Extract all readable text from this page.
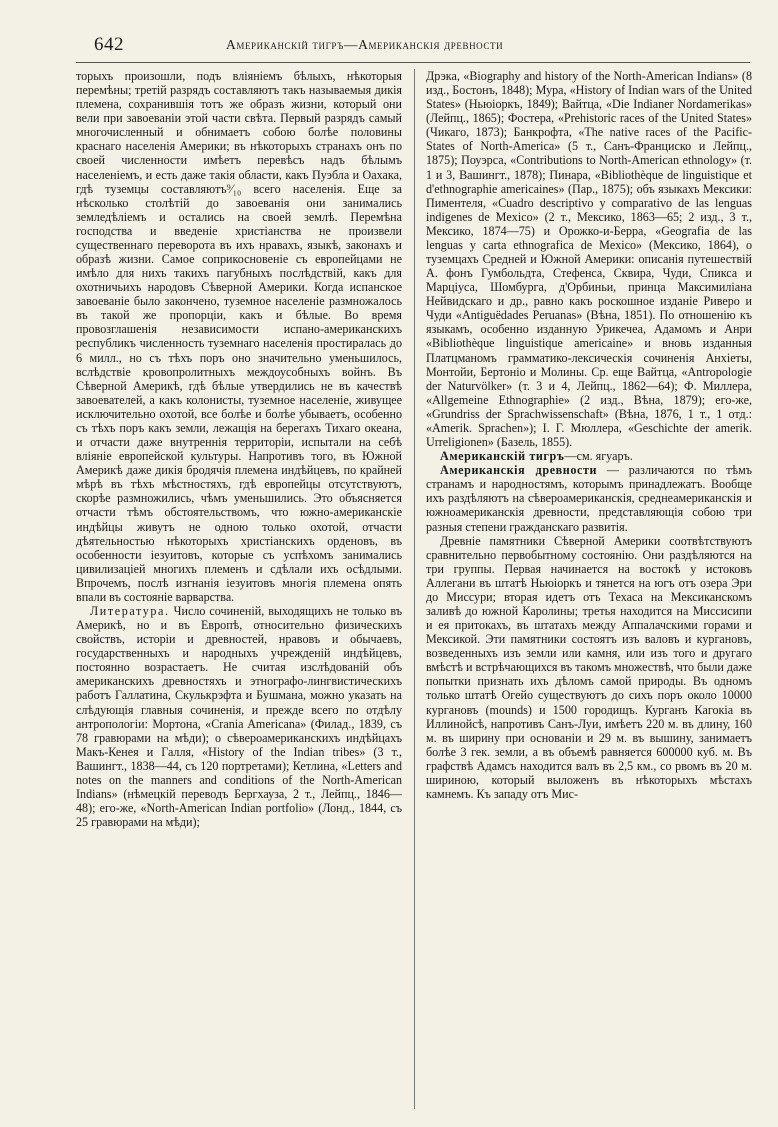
642	Американскій тигръ—Американскія древности

торыхъ произошли, подъ вліяніемъ бѣлыхъ, нѣкоторыя перемѣны; третій разрядъ составляютъ такъ называемыя дикія племена, сохранившія тотъ же образъ жизни, который они вели при завоеваніи этой части свѣта. Первый разрядъ самый многочисленный и обнимаетъ собою болѣе половины краснаго населенія Америки; въ нѣкоторыхъ странахъ онъ по своей численности имѣетъ перевѣсъ надъ бѣлымъ населеніемъ, и есть даже такія области, какъ Пуэбла и Оахака, гдѣ туземцы составляютъ⁹⁄₁₀ всего населенія. Еще за нѣсколько столѣтій до завоеванія они занимались земледѣліемъ и остались на своей землѣ. Перемѣна господства и введеніе христіанства не произвели существеннаго переворота въ ихъ нравахъ, языкѣ, законахъ и образѣ жизни. Самое соприкосновеніе съ европейцами не имѣло для нихъ такихъ пагубныхъ послѣдствій, какъ для охотничьихъ народовъ Сѣверной Америки. Когда испанское завоеваніе было закончено, туземное населеніе размножалось въ такой же пропорціи, какъ и бѣлые. Во время провозглашенія независимости испано-американскихъ республикъ численность туземнаго населенія простиралась до 6 милл., но съ тѣхъ поръ оно значительно уменьшилось, вслѣдствіе кровопролитныхъ междоусобныхъ войнъ. Въ Сѣверной Америкѣ, гдѣ бѣлые утвердились не въ качествѣ завоевателей, а какъ колонисты, туземное населеніе, живущее исключительно охотой, все болѣе и болѣе убываетъ, особенно съ тѣхъ поръ какъ земли, лежащія на берегахъ Тихаго океана, и отчасти даже внутреннія территоріи, испытали на себѣ вліяніе европейской культуры. Напротивъ того, въ Южной Америкѣ даже дикія бродячія племена индѣйцевъ, по крайней мѣрѣ въ тѣхъ мѣстностяхъ, гдѣ европейцы отсутствуютъ, скорѣе размножились, чѣмъ уменьшились. Это объясняется отчасти тѣмъ обстоятельствомъ, что южно-американскіе индѣйцы живутъ не одною только охотой, отчасти дѣятельностью нѣкоторыхъ христіанскихъ орденовъ, въ особенности іезуитовъ, которые съ успѣхомъ занимались цивилизаціей многихъ племенъ и сдѣлали ихъ осѣдлыми. Впрочемъ, послѣ изгнанія іезуитовъ многія племена опять впали въ состояніе варварства.

Литература. Число сочиненій, выходящихъ не только въ Америкѣ, но и въ Европѣ, относительно физическихъ свойствъ, исторіи и древностей, нравовъ и обычаевъ, государственныхъ и народныхъ учрежденій индѣйцевъ, постоянно возрастаетъ. Не считая изслѣдованій объ американскихъ древностяхъ и этнографо-лингвистическихъ работъ Галлатина, Скулькрэфта и Бушмана, можно указать на слѣдующія главныя сочиненія, и прежде всего по отдѣлу антропологіи: Мортона, «Crania Americana» (Филад., 1839, съ 78 гравюрами на мѣди); о сѣвероамериканскихъ индѣйцахъ Макъ-Кенея и Галля, «History of the Indian tribes» (3 т., Вашингт., 1838—44, съ 120 портретами); Кетлина, «Letters and notes on the manners and conditions of the North-American Indians» (нѣмецкій переводъ Бергхауза, 2 т., Лейпц., 1846—48); его-же, «North-American Indian portfolio» (Лонд., 1844, съ 25 гравюрами на мѣди);

Дрэка, «Biography and history of the North-American Indians» (8 изд., Бостонъ, 1848); Мура, «History of Indian wars of the United States» (Ньюіоркъ, 1849); Вайтца, «Die Indianer Nordamerikas» (Лейпц., 1865); Фостера, «Prehistoric races of the United States» (Чикаго, 1873); Банкрофта, «The native races of the Pacific-States of North-America» (5 т., Санъ-Франциско и Лейпц., 1875); Поуэрса, «Contributions to North-American ethnology» (т. 1 и 3, Вашингт., 1878); Пинара, «Bibliothèque de linguistique et d'ethnographie americaines» (Пар., 1875); объ языкахъ Мексики: Пиментеля, «Cuadro descriptivo y comparativo de las lenguas indigenes de Mexico» (2 т., Мексико, 1863—65; 2 изд., 3 т., Мексико, 1874—75) и Орожко-и-Берра, «Geografia de las lenguas y carta ethnografica de Mexico» (Мексико, 1864), о туземцахъ Средней и Южной Америки: описанія путешествій А. фонъ Гумбольдта, Стефенса, Сквира, Чуди, Спикса и Марціуса, Шомбурга, д'Орбиньи, принца Максимиліана Нейвидскаго и др., равно какъ роскошное изданіе Риверо и Чуди «Antiguëdades Peruanas» (Вѣна, 1851). По отношенію къ языкамъ, особенно изданную Урикечеа, Адамомъ и Анри «Bibliothèque linguistique americaine» и вновь изданныя Платцманомъ грамматико-лексическія сочиненія Анхіеты, Монтойи, Бертоніо и Молины. Ср. еще Вайтца, «Antropologie der Naturvölker» (т. 3 и 4, Лейпц., 1862—64); Ф. Миллера, «Allgemeine Ethnographie» (2 изд., Вѣна, 1879); его-же, «Grundriss der Sprachwissenschaft» (Вѣна, 1876, 1 т., 1 отд.: «Amerik. Sprachen»); I. Г. Мюллера, «Geschichte der amerik. Urreligionen» (Базель, 1855).

Американскій тигръ—см. ягуаръ.

Американскія древности — различаются по тѣмъ странамъ и народностямъ, которымъ принадлежатъ. Вообще ихъ раздѣляютъ на сѣвероамериканскія, среднеамериканскія и южноамериканскія древности, представляющія собою три разныя степени гражданскаго развитія.

Древніе памятники Сѣверной Америки соотвѣтствуютъ сравнительно первобытному состоянію. Они раздѣляются на три группы. Первая начинается на востокѣ у истоковъ Аллегани въ штатѣ Ньюіоркъ и тянется на югъ отъ озера Эри до Миссури; вторая идетъ отъ Техаса на Мексиканскомъ заливѣ до южной Каролины; третья находится на Миссисипи и ея притокахъ, въ штатахъ между Аппалачскими горами и Мексикой. Эти памятники состоятъ изъ валовъ и кургановъ, возведенныхъ изъ земли или камня, или изъ того и другаго вмѣстѣ и встрѣчающихся въ такомъ множествѣ, что были даже попытки признать ихъ дѣломъ самой природы. Въ одномъ только штатѣ Огейо существуютъ до сихъ поръ около 10000 кургановъ (mounds) и 1500 городищъ. Курганъ Кагокіа въ Иллинойсѣ, напротивъ Санъ-Луи, имѣетъ 220 м. въ длину, 160 м. въ ширину при основаніи и 29 м. въ вышину, занимаетъ болѣе 3 гек. земли, а въ объемѣ равняется 600000 куб. м. Въ графствѣ Адамсъ находится валъ въ 2,5 км., со рвомъ въ 20 м. шириною, который выложенъ въ нѣкоторыхъ мѣстахъ камнемъ. Къ западу отъ Мис-
